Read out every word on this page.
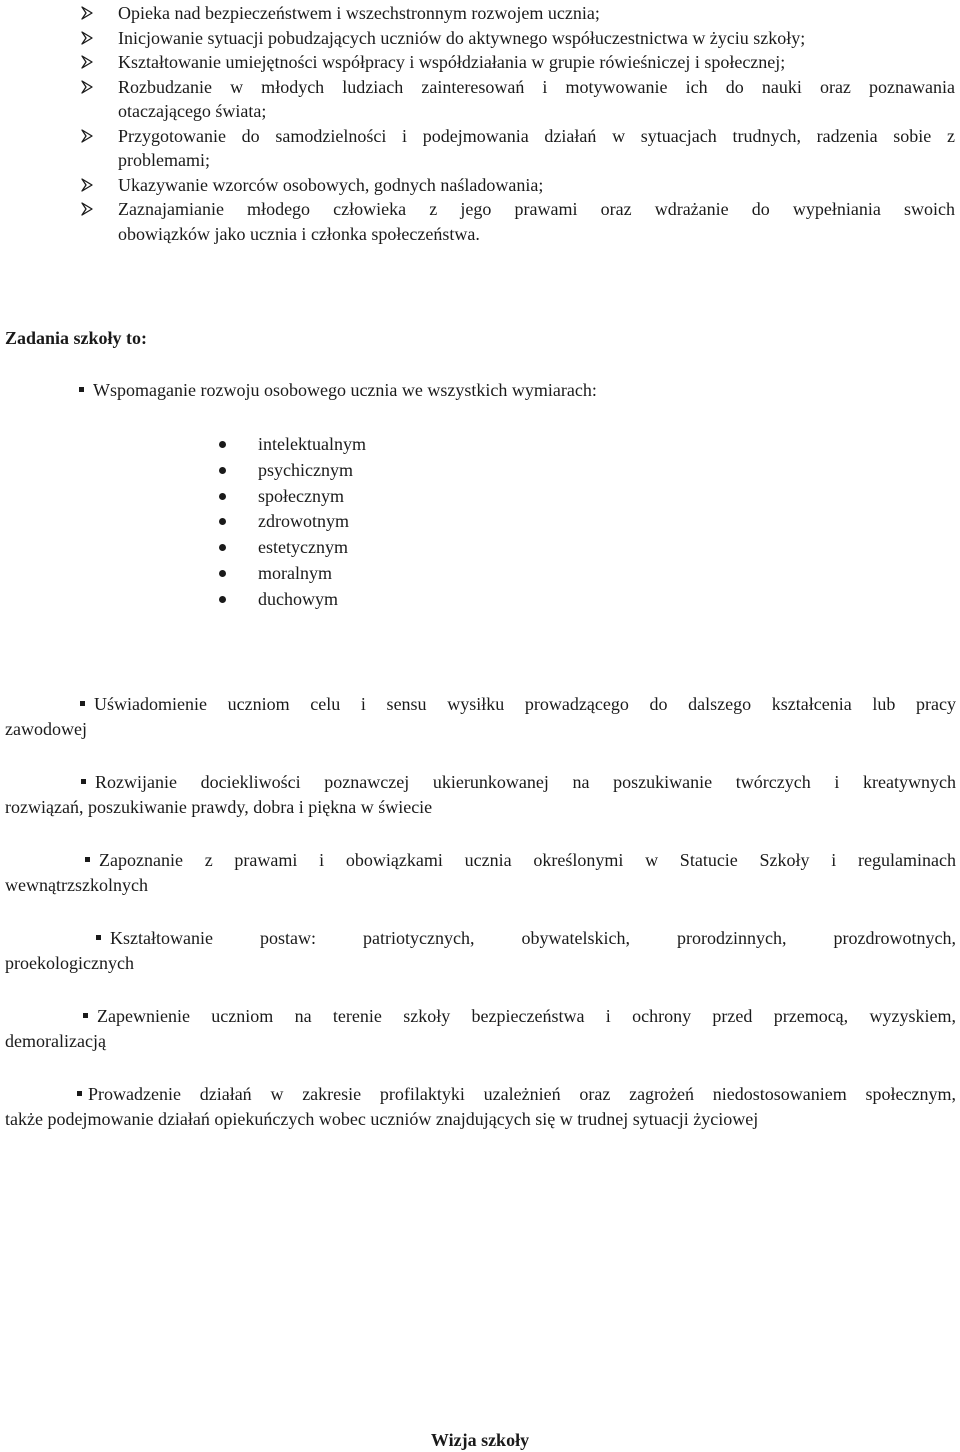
Opieka nad bezpieczeństwem i wszechstronnym rozwojem ucznia;
Inicjowanie sytuacji pobudzających uczniów do aktywnego współuczestnictwa w życiu szkoły;
Kształtowanie umiejętności współpracy i współdziałania w grupie rówieśniczej i społecznej;
Rozbudzanie w młodych ludziach zainteresowań i motywowanie ich do nauki oraz poznawania
otaczającego świata;
Przygotowanie do samodzielności i podejmowania działań w sytuacjach trudnych, radzenia sobie z
problemami;
Ukazywanie wzorców osobowych, godnych naśladowania;
Zaznajamianie młodego człowieka z jego prawami oraz wdrażanie do wypełniania swoich
obowiązków jako ucznia i członka społeczeństwa.
Zadania szkoły to:

Wspomaganie rozwoju osobowego ucznia we wszystkich wymiarach:

intelektualnym
psychicznym
społecznym
zdrowotnym
estetycznym
moralnym
duchowym

Uświadomienie uczniom celu i sensu wysiłku prowadzącego do dalszego kształcenia lub pracy
zawodowej

Rozwijanie dociekliwości poznawczej ukierunkowanej na poszukiwanie twórczych i kreatywnych
rozwiązań, poszukiwanie prawdy, dobra i piękna w świecie

Zapoznanie z prawami i obowiązkami ucznia określonymi w Statucie Szkoły i regulaminach
wewnątrzszkolnych

Kształtowanie postaw: patriotycznych, obywatelskich, prorodzinnych, prozdrowotnych,
proekologicznych

Zapewnienie uczniom na terenie szkoły bezpieczeństwa i ochrony przed przemocą, wyzyskiem,
demoralizacją

Prowadzenie działań w zakresie profilaktyki uzależnień oraz zagrożeń niedostosowaniem społecznym,
także podejmowanie działań opiekuńczych wobec uczniów znajdujących się w trudnej sytuacji życiowej

Wizja szkoły
